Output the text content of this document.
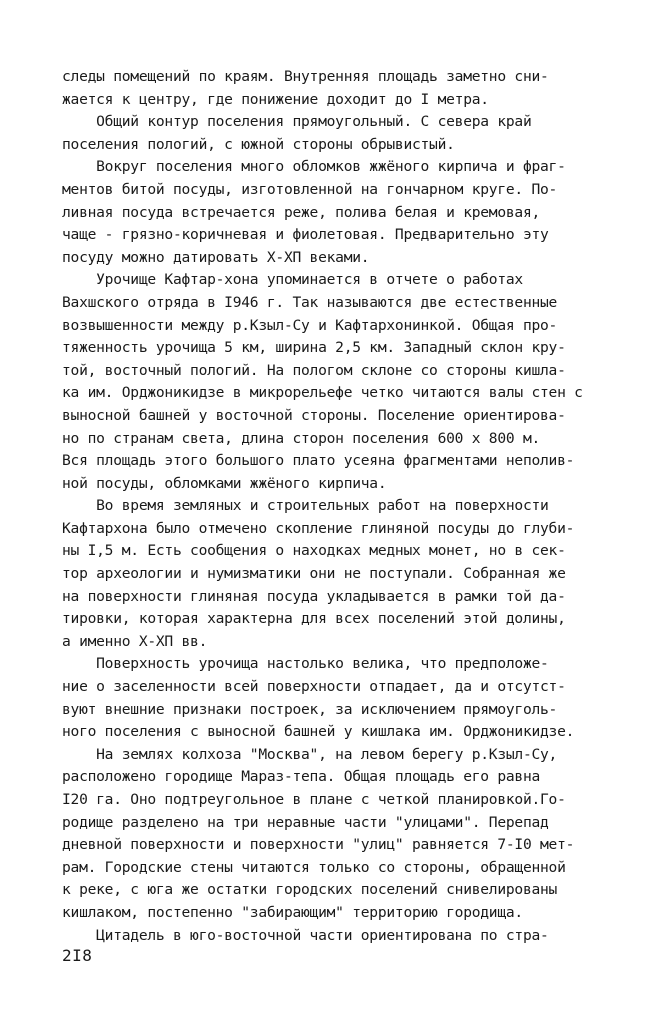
следы помещений по краям. Внутренняя площадь заметно сни-
жается к центру, где понижение доходит до I метра.
Общий контур поселения прямоугольный. С севера край
поселения пологий, с южной стороны обрывистый.
Вокруг поселения много обломков жжёного кирпича и фраг-
ментов битой посуды, изготовленной на гончарном круге. По-
ливная посуда встречается реже, полива белая и кремовая,
чаще - грязно-коричневая и фиолетовая. Предварительно эту
посуду можно датировать X-XП веками.
Урочище Кафтар-хона упоминается в отчете о работах
Вахшского отряда в I946 г. Так называются две естественные
возвышенности между р.Кзыл-Су и Кафтархонинкой. Общая про-
тяженность урочища 5 км, ширина 2,5 км. Западный склон кру-
той, восточный пологий. На пологом склоне со стороны кишла-
ка им. Орджоникидзе в микрорельефе четко читаются валы стен с
выносной башней у восточной стороны. Поселение ориентирова-
но по странам света, длина сторон поселения 600 х 800 м.
Вся площадь этого большого плато усеяна фрагментами неполив-
ной посуды, обломками жжёного кирпича.
Во время земляных и строительных работ на поверхности
Кафтархона было отмечено скопление глиняной посуды до глуби-
ны I,5 м. Есть сообщения о находках медных монет, но в сек-
тор археологии и нумизматики они не поступали. Собранная же
на поверхности глиняная посуда укладывается в рамки той да-
тировки, которая характерна для всех поселений этой долины,
а именно X-XП вв.
Поверхность урочища настолько велика, что предположе-
ние о заселенности всей поверхности отпадает, да и отсутст-
вуют внешние признаки построек, за исключением прямоуголь-
ного поселения с выносной башней у кишлака им. Орджоникидзе.
На землях колхоза "Москва", на левом берегу р.Кзыл-Су,
расположено городище Мараз-тепа. Общая площадь его равна
I20 га. Оно подтреугольное в плане с четкой планировкой.Го-
родище разделено на три неравные части "улицами". Перепад
дневной поверхности и поверхности "улиц" равняется 7-I0 мет-
рам. Городские стены читаются только со стороны, обращенной
к реке, с юга же остатки городских поселений снивелированы
кишлаком, постепенно "забирающим" территорию городища.
Цитадель в юго-восточной части ориентирована по стра-
2I8
